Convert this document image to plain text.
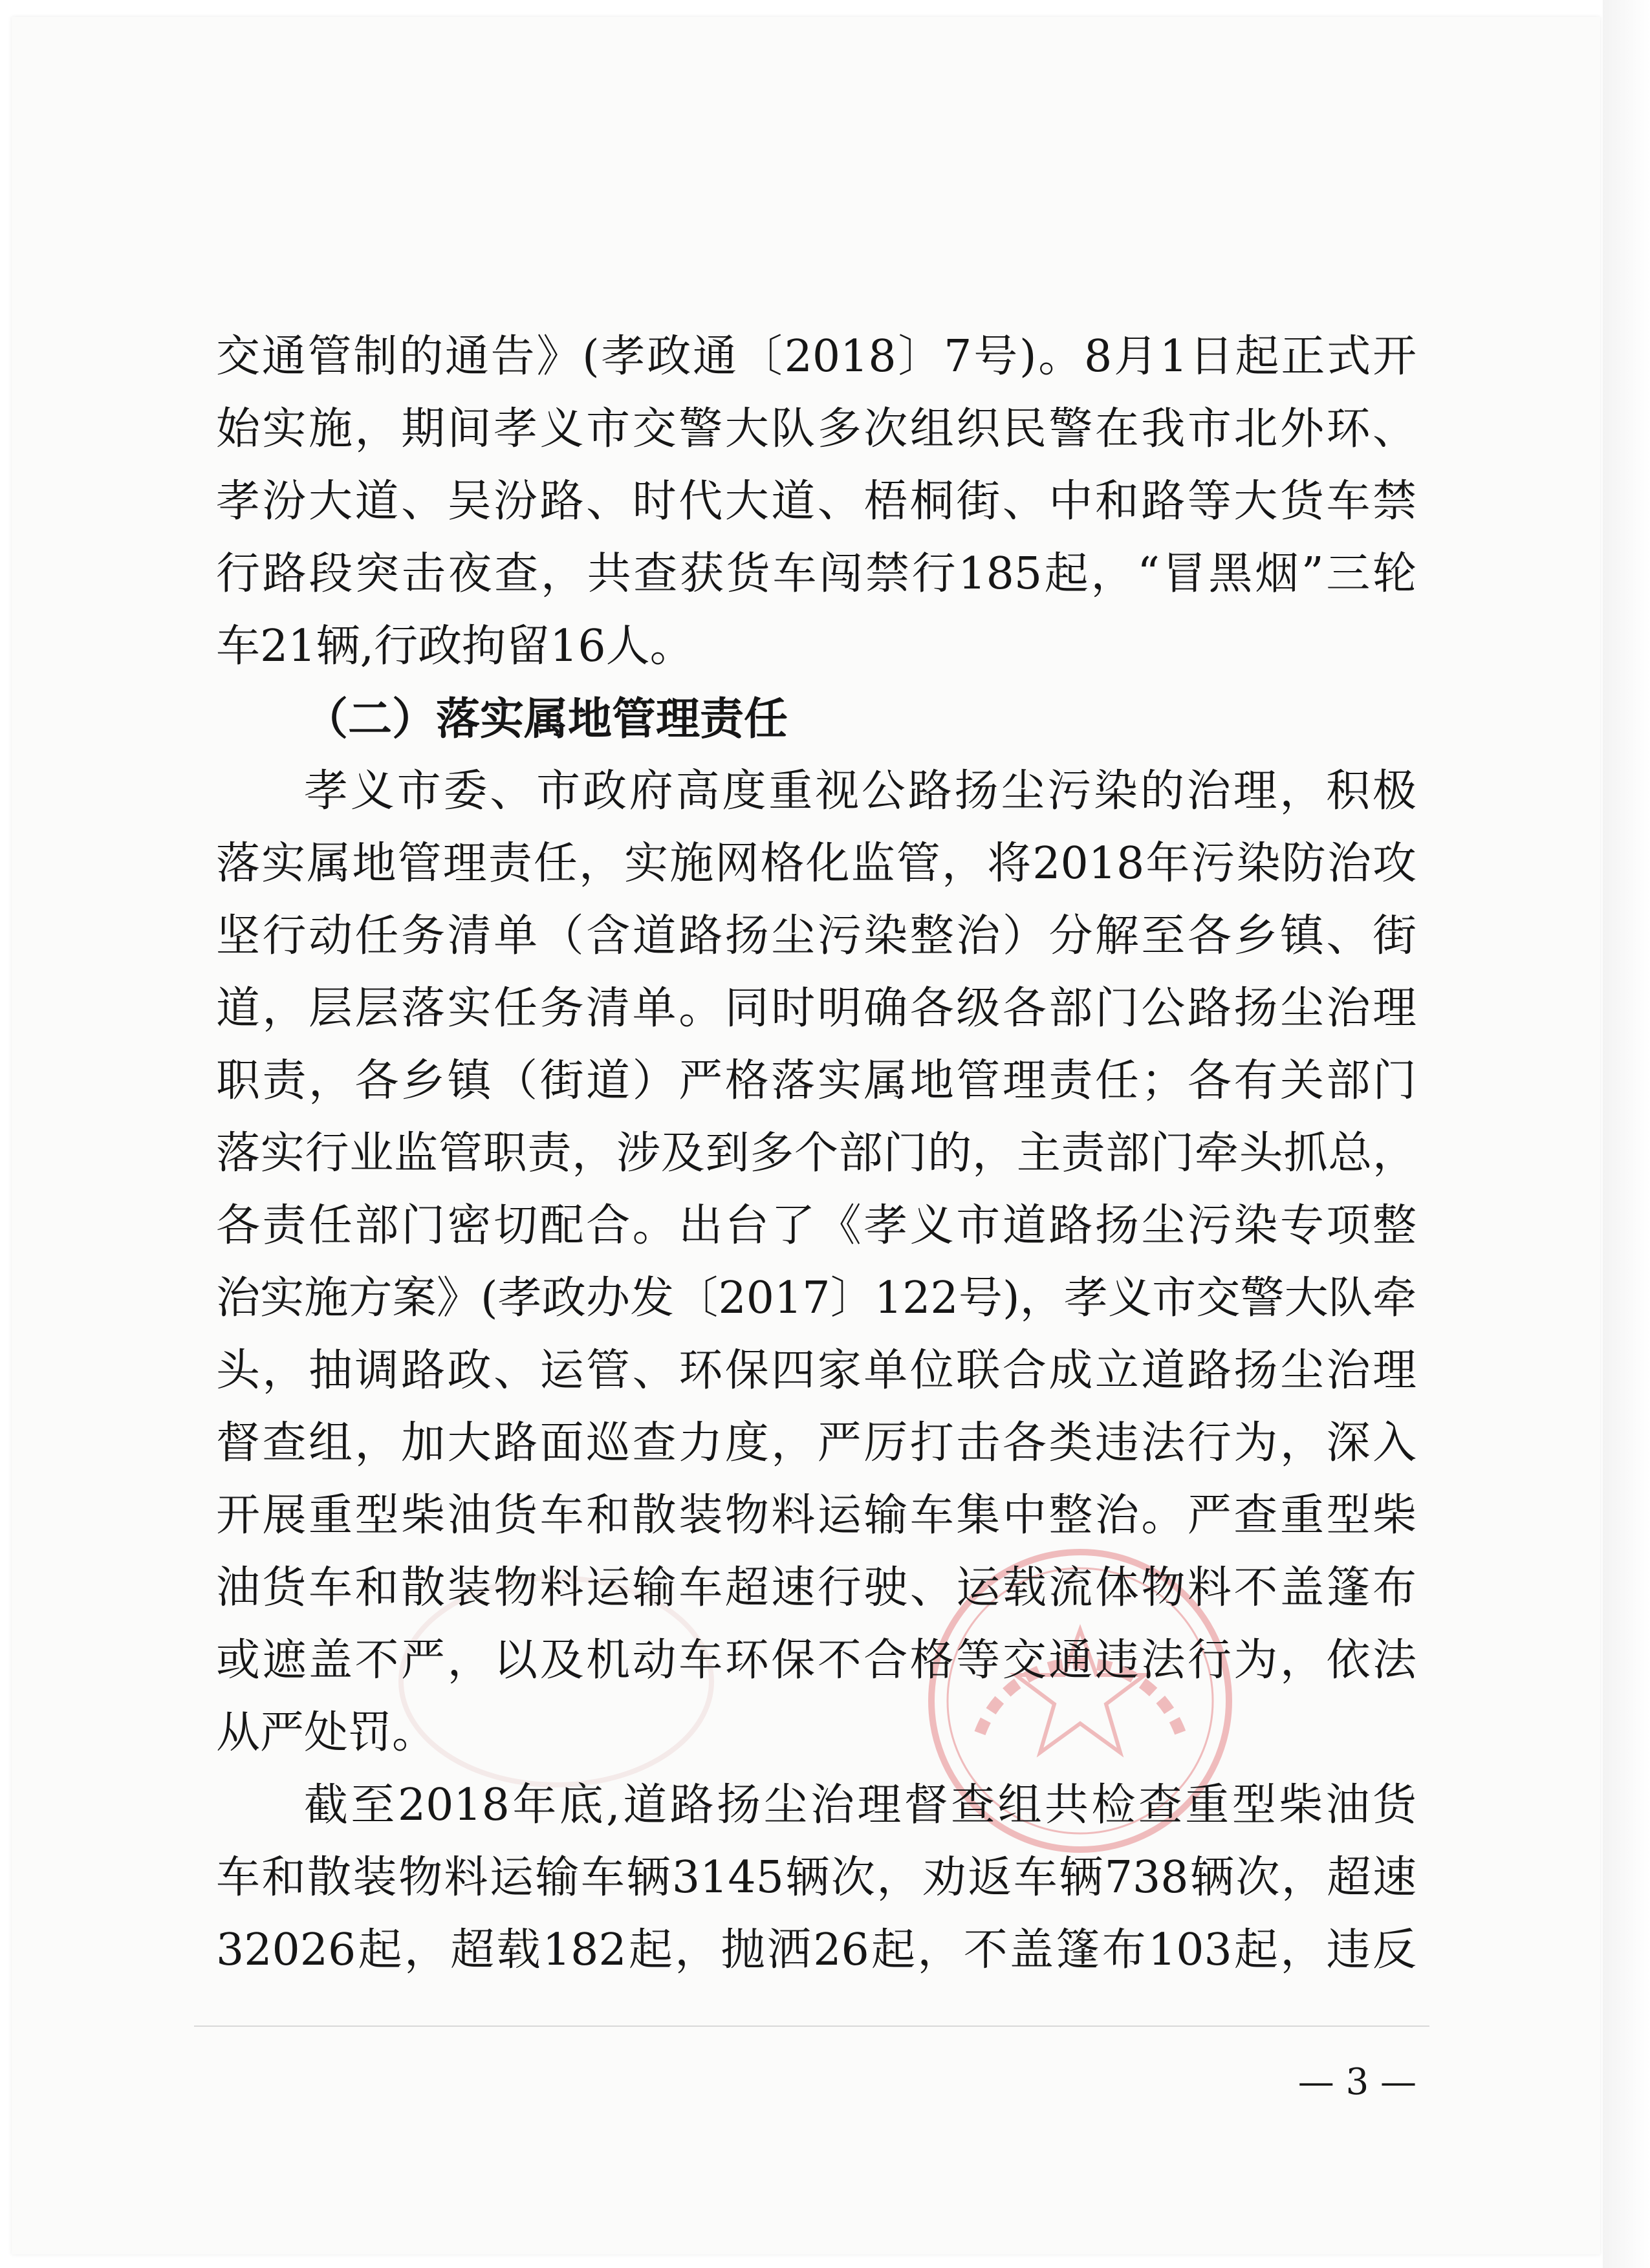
交通管制的通告》(孝政通〔2018〕7号)。8月1日起正式开
始实施，期间孝义市交警大队多次组织民警在我市北外环、
孝汾大道、吴汾路、时代大道、梧桐街、中和路等大货车禁
行路段突击夜查，共查获货车闯禁行185起，“冒黑烟”三轮
车21辆,行政拘留16人。
（二）落实属地管理责任
孝义市委、市政府高度重视公路扬尘污染的治理，积极
落实属地管理责任，实施网格化监管，将2018年污染防治攻
坚行动任务清单（含道路扬尘污染整治）分解至各乡镇、街
道，层层落实任务清单。同时明确各级各部门公路扬尘治理
职责，各乡镇（街道）严格落实属地管理责任；各有关部门
落实行业监管职责，涉及到多个部门的，主责部门牵头抓总，
各责任部门密切配合。出台了《孝义市道路扬尘污染专项整
治实施方案》(孝政办发〔2017〕122号)，孝义市交警大队牵
头，抽调路政、运管、环保四家单位联合成立道路扬尘治理
督查组，加大路面巡查力度，严厉打击各类违法行为，深入
开展重型柴油货车和散装物料运输车集中整治。严查重型柴
油货车和散装物料运输车超速行驶、运载流体物料不盖篷布
或遮盖不严，以及机动车环保不合格等交通违法行为，依法
从严处罚。
截至2018年底,道路扬尘治理督查组共检查重型柴油货
车和散装物料运输车辆3145辆次，劝返车辆738辆次，超速
32026起，超载182起，抛洒26起，不盖篷布103起，违反
— 3 —
